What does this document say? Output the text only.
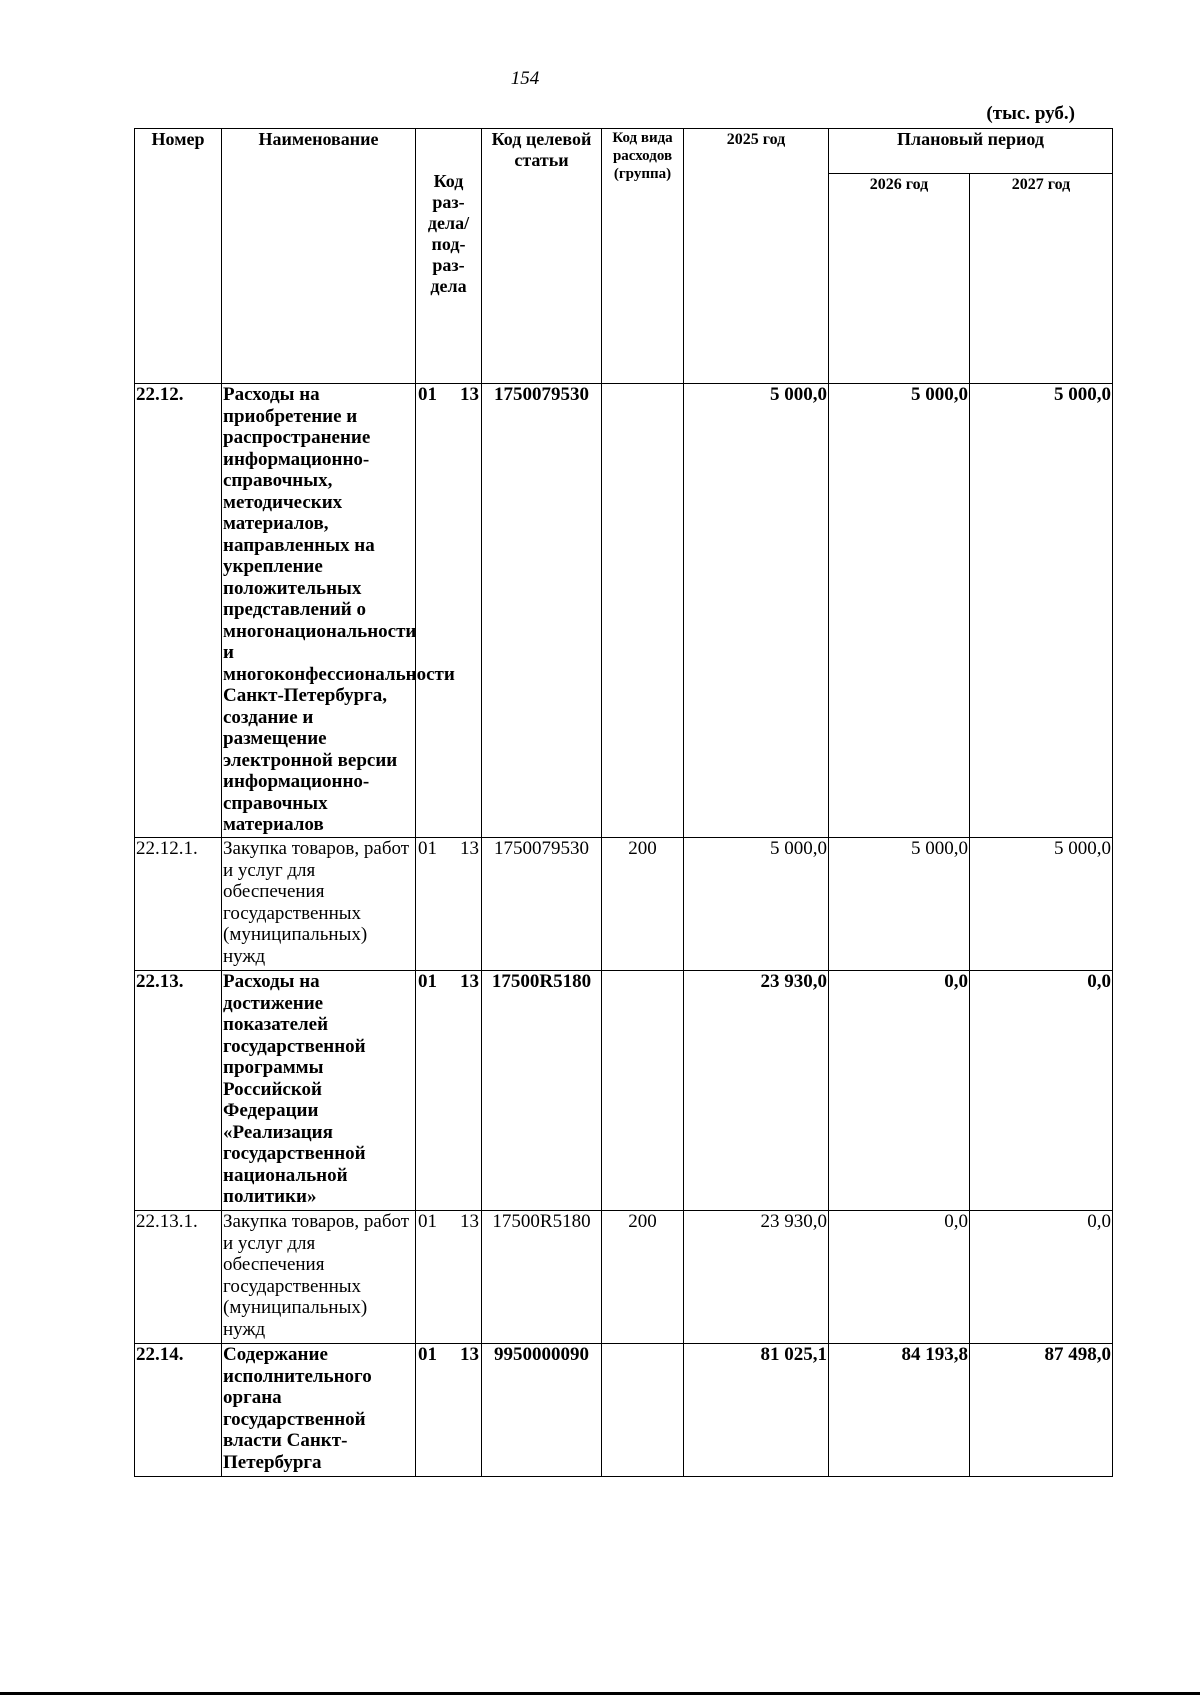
154
(тыс. руб.)
Номер	Наименование	Код раз-дела/ под-раз-дела	Код целевой статьи	Код вида расходов (группа)	2025 год	Плановый период	
						2026 год	2027 год
22.12.	Расходы на приобретение и распространение информационно-справочных, методических материалов, направленных на укрепление положительных представлений о многонациональности и многоконфессиональности Санкт-Петербурга, создание и размещение электронной версии информационно-справочных материалов	01 13	1750079530		5 000,0	5 000,0	5 000,0
22.12.1.	Закупка товаров, работ и услуг для обеспечения государственных (муниципальных) нужд	01 13	1750079530	200	5 000,0	5 000,0	5 000,0
22.13.	Расходы на достижение показателей государственной программы Российской Федерации «Реализация государственной национальной политики»	01 13	17500R5180		23 930,0	0,0	0,0
22.13.1.	Закупка товаров, работ и услуг для обеспечения государственных (муниципальных) нужд	01 13	17500R5180	200	23 930,0	0,0	0,0
22.14.	Содержание исполнительного органа государственной власти Санкт-Петербурга	01 13	9950000090		81 025,1	84 193,8	87 498,0
